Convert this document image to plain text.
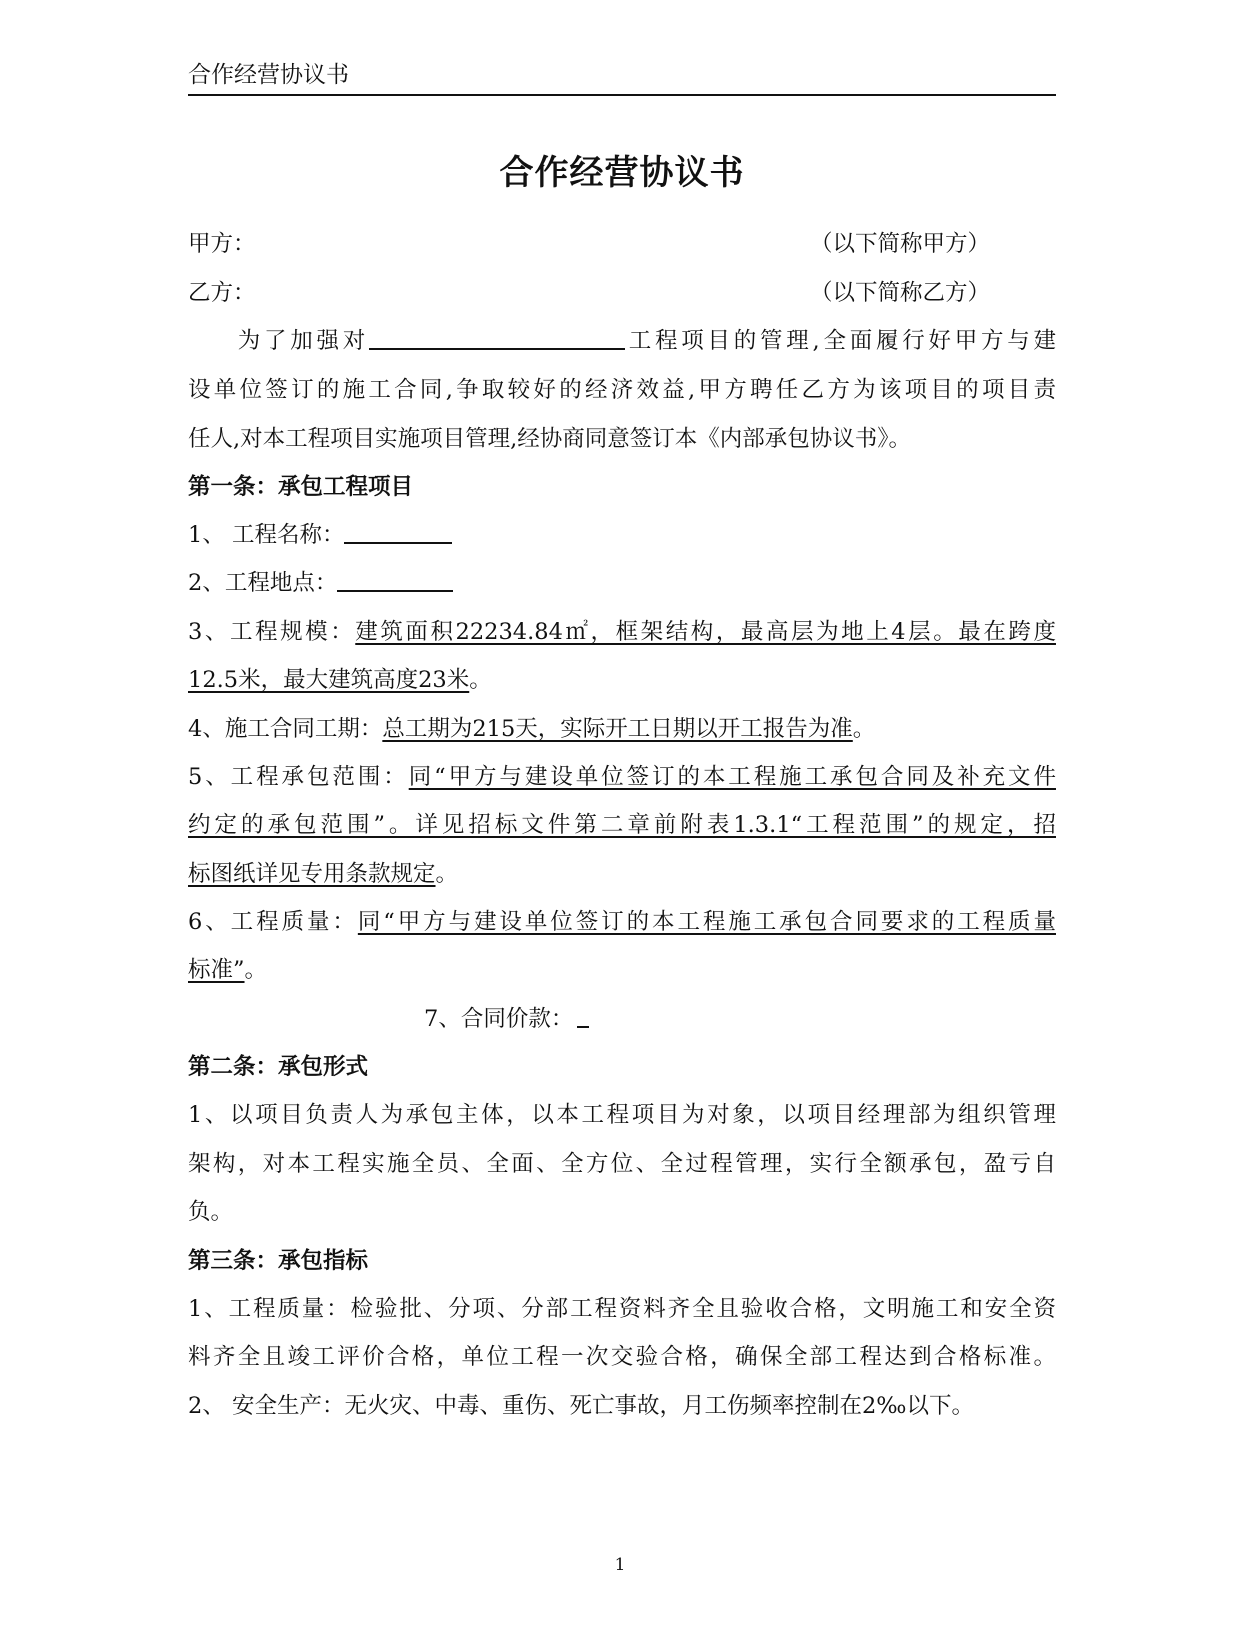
合作经营协议书
合作经营协议书
甲方：	（以下简称甲方）
乙方：	（以下简称乙方）
为了加强对	工程项目的管理,全面履行好甲方与建
设单位签订的施工合同,争取较好的经济效益,甲方聘任乙方为该项目的项目责
任人,对本工程项目实施项目管理,经协商同意签订本《内部承包协议书》。
第一条：承包工程项目
1、 工程名称：
2、工程地点：
3、工程规模：建筑面积22234.84㎡，框架结构，最高层为地上4层。最在跨度
12.5米，最大建筑高度23米。
4、施工合同工期：总工期为215天，实际开工日期以开工报告为准。
5、工程承包范围：同“甲方与建设单位签订的本工程施工承包合同及补充文件
约定的承包范围”。详见招标文件第二章前附表1.3.1“工程范围”的规定，招
标图纸详见专用条款规定。
6、工程质量：同“甲方与建设单位签订的本工程施工承包合同要求的工程质量
标准”。
7、合同价款：
第二条：承包形式
1、以项目负责人为承包主体，以本工程项目为对象，以项目经理部为组织管理
架构，对本工程实施全员、全面、全方位、全过程管理，实行全额承包，盈亏自
负。
第三条：承包指标
1、工程质量：检验批、分项、分部工程资料齐全且验收合格，文明施工和安全资
料齐全且竣工评价合格，单位工程一次交验合格，确保全部工程达到合格标准。
2、 安全生产：无火灾、中毒、重伤、死亡事故，月工伤频率控制在2‰以下。
1
